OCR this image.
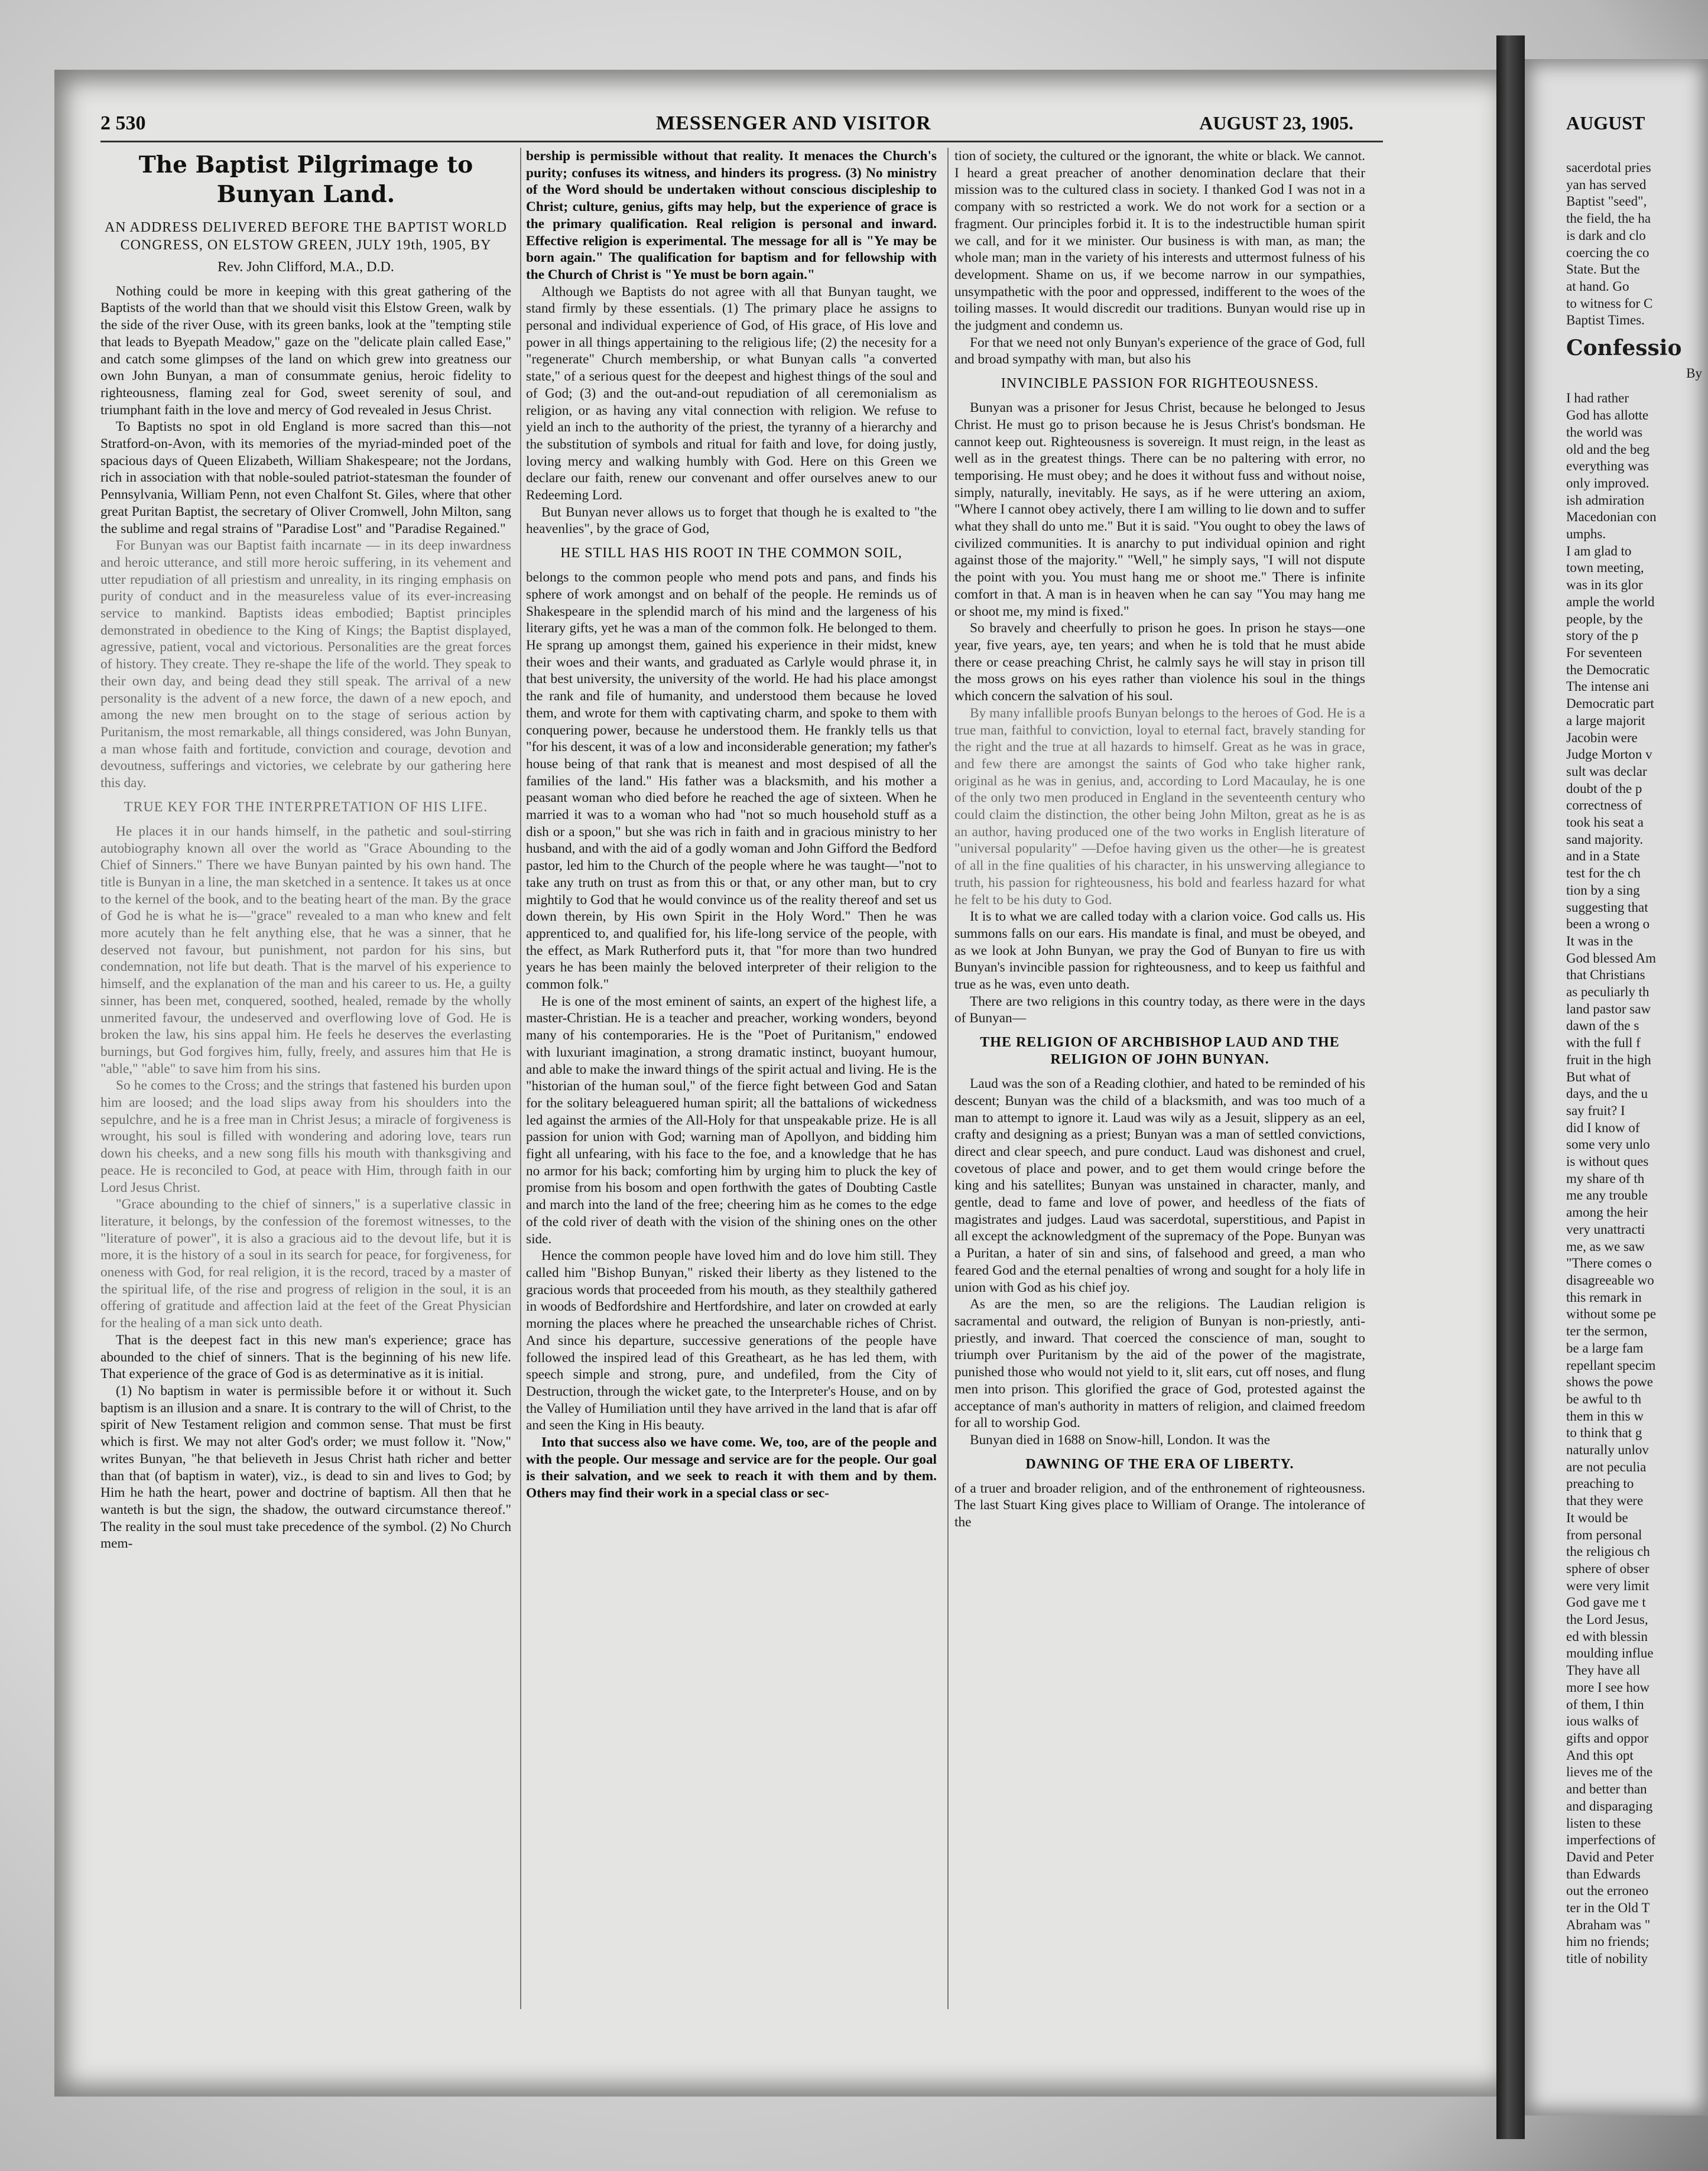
AUGUST
sacerdotal pries
yan has served
Baptist "seed",
the field, the ha
is dark and clo
coercing the co
State. But the
at hand. Go
to witness for C
Baptist Times.
Confessio
By
I had rather
God has allotte
the world was
old and the beg
everything was
only improved.
ish admiration
Macedonian con
umphs.
I am glad to
town meeting,
was in its glor
ample the world
people, by the
story of the p
For seventeen
the Democratic
The intense ani
Democratic part
a large majorit
Jacobin were
Judge Morton v
sult was declar
doubt of the p
correctness of
took his seat a
sand majority.
and in a State
test for the ch
tion by a sing
suggesting that
been a wrong o
It was in the
God blessed Am
that Christians
as peculiarly th
land pastor saw
dawn of the s
with the full f
fruit in the high
But what of
days, and the u
say fruit? I
did I know of
some very unlo
is without ques
my share of th
me any trouble
among the heir
very unattracti
me, as we saw
"There comes o
disagreeable wo
this remark in
without some pe
ter the sermon,
be a large fam
repellant specim
shows the powe
be awful to th
them in this w
to think that g
naturally unlov
are not peculia
preaching to
that they were
It would be
from personal
the religious ch
sphere of obser
were very limit
God gave me t
the Lord Jesus,
ed with blessin
moulding influe
They have all
more I see how
of them, I thin
ious walks of
gifts and oppor
And this opt
lieves me of the
and better than
and disparaging
listen to these
imperfections of
David and Peter
than Edwards
out the erroneo
ter in the Old T
Abraham was "
him no friends;
title of nobility
2 530	MESSENGER AND VISITOR	AUGUST 23, 1905.
The Baptist Pilgrimage to Bunyan Land.
AN ADDRESS DELIVERED BEFORE THE BAPTIST WORLD CONGRESS, ON ELSTOW GREEN, JULY 19th, 1905, BY
Rev. John Clifford, M.A., D.D.

Nothing could be more in keeping with this great gathering of the Baptists of the world than that we should visit this Elstow Green, walk by the side of the river Ouse, with its green banks, look at the "tempting stile that leads to Byepath Meadow," gaze on the "delicate plain called Ease," and catch some glimpses of the land on which grew into greatness our own John Bunyan, a man of consummate genius, heroic fidelity to righteousness, flaming zeal for God, sweet serenity of soul, and triumphant faith in the love and mercy of God revealed in Jesus Christ.

To Baptists no spot in old England is more sacred than this—not Stratford-on-Avon, with its memories of the myriad-minded poet of the spacious days of Queen Elizabeth, William Shakespeare; not the Jordans, rich in association with that noble-souled patriot-statesman the founder of Pennsylvania, William Penn, not even Chalfont St. Giles, where that other great Puritan Baptist, the secretary of Oliver Cromwell, John Milton, sang the sublime and regal strains of "Paradise Lost" and "Paradise Regained."

For Bunyan was our Baptist faith incarnate — in its deep inwardness and heroic utterance, and still more heroic suffering, in its vehement and utter repudiation of all priestism and unreality, in its ringing emphasis on purity of conduct and in the measureless value of its ever-increasing service to mankind. Baptists ideas embodied; Baptist principles demonstrated in obedience to the King of Kings; the Baptist displayed, agressive, patient, vocal and victorious. Personalities are the great forces of history. They create. They re-shape the life of the world. They speak to their own day, and being dead they still speak. The arrival of a new personality is the advent of a new force, the dawn of a new epoch, and among the new men brought on to the stage of serious action by Puritanism, the most remarkable, all things considered, was John Bunyan, a man whose faith and fortitude, conviction and courage, devotion and devoutness, sufferings and victories, we celebrate by our gathering here this day.

TRUE KEY FOR THE INTERPRETATION OF HIS LIFE.

He places it in our hands himself, in the pathetic and soul-stirring autobiography known all over the world as "Grace Abounding to the Chief of Sinners." There we have Bunyan painted by his own hand. The title is Bunyan in a line, the man sketched in a sentence. It takes us at once to the kernel of the book, and to the beating heart of the man. By the grace of God he is what he is—"grace" revealed to a man who knew and felt more acutely than he felt anything else, that he was a sinner, that he deserved not favour, but punishment, not pardon for his sins, but condemnation, not life but death. That is the marvel of his experience to himself, and the explanation of the man and his career to us. He, a guilty sinner, has been met, conquered, soothed, healed, remade by the wholly unmerited favour, the undeserved and overflowing love of God. He is broken the law, his sins appal him. He feels he deserves the everlasting burnings, but God forgives him, fully, freely, and assures him that He is "able," "able" to save him from his sins.

So he comes to the Cross; and the strings that fastened his burden upon him are loosed; and the load slips away from his shoulders into the sepulchre, and he is a free man in Christ Jesus; a miracle of forgiveness is wrought, his soul is filled with wondering and adoring love, tears run down his cheeks, and a new song fills his mouth with thanksgiving and peace. He is reconciled to God, at peace with Him, through faith in our Lord Jesus Christ.

"Grace abounding to the chief of sinners," is a superlative classic in literature, it belongs, by the confession of the foremost witnesses, to the "literature of power", it is also a gracious aid to the devout life, but it is more, it is the history of a soul in its search for peace, for forgiveness, for oneness with God, for real religion, it is the record, traced by a master of the spiritual life, of the rise and progress of religion in the soul, it is an offering of gratitude and affection laid at the feet of the Great Physician for the healing of a man sick unto death.

That is the deepest fact in this new man's experience; grace has abounded to the chief of sinners. That is the beginning of his new life. That experience of the grace of God is as determinative as it is initial.

(1) No baptism in water is permissible before it or without it. Such baptism is an illusion and a snare. It is contrary to the will of Christ, to the spirit of New Testament religion and common sense. That must be first which is first. We may not alter God's order; we must follow it. "Now," writes Bunyan, "he that believeth in Jesus Christ hath richer and better than that (of baptism in water), viz., is dead to sin and lives to God; by Him he hath the heart, power and doctrine of baptism. All then that he wanteth is but the sign, the shadow, the outward circumstance thereof." The reality in the soul must take precedence of the symbol. (2) No Church mem-

bership is permissible without that reality. It menaces the Church's purity; confuses its witness, and hinders its progress. (3) No ministry of the Word should be undertaken without conscious discipleship to Christ; culture, genius, gifts may help, but the experience of grace is the primary qualification. Real religion is personal and inward. Effective religion is experimental. The message for all is "Ye may be born again." The qualification for baptism and for fellowship with the Church of Christ is "Ye must be born again."

Although we Baptists do not agree with all that Bunyan taught, we stand firmly by these essentials. (1) The primary place he assigns to personal and individual experience of God, of His grace, of His love and power in all things appertaining to the religious life; (2) the necesity for a "regenerate" Church membership, or what Bunyan calls "a converted state," of a serious quest for the deepest and highest things of the soul and of God; (3) and the out-and-out repudiation of all ceremonialism as religion, or as having any vital connection with religion. We refuse to yield an inch to the authority of the priest, the tyranny of a hierarchy and the substitution of symbols and ritual for faith and love, for doing justly, loving mercy and walking humbly with God. Here on this Green we declare our faith, renew our convenant and offer ourselves anew to our Redeeming Lord.

But Bunyan never allows us to forget that though he is exalted to "the heavenlies", by the grace of God,

HE STILL HAS HIS ROOT IN THE COMMON SOIL,

belongs to the common people who mend pots and pans, and finds his sphere of work amongst and on behalf of the people. He reminds us of Shakespeare in the splendid march of his mind and the largeness of his literary gifts, yet he was a man of the common folk. He belonged to them. He sprang up amongst them, gained his experience in their midst, knew their woes and their wants, and graduated as Carlyle would phrase it, in that best university, the university of the world. He had his place amongst the rank and file of humanity, and understood them because he loved them, and wrote for them with captivating charm, and spoke to them with conquering power, because he understood them. He frankly tells us that "for his descent, it was of a low and inconsiderable generation; my father's house being of that rank that is meanest and most despised of all the families of the land." His father was a blacksmith, and his mother a peasant woman who died before he reached the age of sixteen. When he married it was to a woman who had "not so much household stuff as a dish or a spoon," but she was rich in faith and in gracious ministry to her husband, and with the aid of a godly woman and John Gifford the Bedford pastor, led him to the Church of the people where he was taught—"not to take any truth on trust as from this or that, or any other man, but to cry mightily to God that he would convince us of the reality thereof and set us down therein, by His own Spirit in the Holy Word." Then he was apprenticed to, and qualified for, his life-long service of the people, with the effect, as Mark Rutherford puts it, that "for more than two hundred years he has been mainly the beloved interpreter of their religion to the common folk."

He is one of the most eminent of saints, an expert of the highest life, a master-Christian. He is a teacher and preacher, working wonders, beyond many of his contemporaries. He is the "Poet of Puritanism," endowed with luxuriant imagination, a strong dramatic instinct, buoyant humour, and able to make the inward things of the spirit actual and living. He is the "historian of the human soul," of the fierce fight between God and Satan for the solitary beleaguered human spirit; all the battalions of wickedness led against the armies of the All-Holy for that unspeakable prize. He is all passion for union with God; warning man of Apollyon, and bidding him fight all unfearing, with his face to the foe, and a knowledge that he has no armor for his back; comforting him by urging him to pluck the key of promise from his bosom and open forthwith the gates of Doubting Castle and march into the land of the free; cheering him as he comes to the edge of the cold river of death with the vision of the shining ones on the other side.

Hence the common people have loved him and do love him still. They called him "Bishop Bunyan," risked their liberty as they listened to the gracious words that proceeded from his mouth, as they stealthily gathered in woods of Bedfordshire and Hertfordshire, and later on crowded at early morning the places where he preached the unsearchable riches of Christ. And since his departure, successive generations of the people have followed the inspired lead of this Greatheart, as he has led them, with speech simple and strong, pure, and undefiled, from the City of Destruction, through the wicket gate, to the Interpreter's House, and on by the Valley of Humiliation until they have arrived in the land that is afar off and seen the King in His beauty.

Into that success also we have come. We, too, are of the people and with the people. Our message and service are for the people. Our goal is their salvation, and we seek to reach it with them and by them. Others may find their work in a special class or sec-

tion of society, the cultured or the ignorant, the white or black. We cannot. I heard a great preacher of another denomination declare that their mission was to the cultured class in society. I thanked God I was not in a company with so restricted a work. We do not work for a section or a fragment. Our principles forbid it. It is to the indestructible human spirit we call, and for it we minister. Our business is with man, as man; the whole man; man in the variety of his interests and uttermost fulness of his development. Shame on us, if we become narrow in our sympathies, unsympathetic with the poor and oppressed, indifferent to the woes of the toiling masses. It would discredit our traditions. Bunyan would rise up in the judgment and condemn us.

For that we need not only Bunyan's experience of the grace of God, full and broad sympathy with man, but also his

INVINCIBLE PASSION FOR RIGHTEOUSNESS.

Bunyan was a prisoner for Jesus Christ, because he belonged to Jesus Christ. He must go to prison because he is Jesus Christ's bondsman. He cannot keep out. Righteousness is sovereign. It must reign, in the least as well as in the greatest things. There can be no paltering with error, no temporising. He must obey; and he does it without fuss and without noise, simply, naturally, inevitably. He says, as if he were uttering an axiom, "Where I cannot obey actively, there I am willing to lie down and to suffer what they shall do unto me." But it is said. "You ought to obey the laws of civilized communities. It is anarchy to put individual opinion and right against those of the majority." "Well," he simply says, "I will not dispute the point with you. You must hang me or shoot me." There is infinite comfort in that. A man is in heaven when he can say "You may hang me or shoot me, my mind is fixed."

So bravely and cheerfully to prison he goes. In prison he stays—one year, five years, aye, ten years; and when he is told that he must abide there or cease preaching Christ, he calmly says he will stay in prison till the moss grows on his eyes rather than violence his soul in the things which concern the salvation of his soul.

By many infallible proofs Bunyan belongs to the heroes of God. He is a true man, faithful to conviction, loyal to eternal fact, bravely standing for the right and the true at all hazards to himself. Great as he was in grace, and few there are amongst the saints of God who take higher rank, original as he was in genius, and, according to Lord Macaulay, he is one of the only two men produced in England in the seventeenth century who could claim the distinction, the other being John Milton, great as he is as an author, having produced one of the two works in English literature of "universal popularity" —Defoe having given us the other—he is greatest of all in the fine qualities of his character, in his unswerving allegiance to truth, his passion for righteousness, his bold and fearless hazard for what he felt to be his duty to God.

It is to what we are called today with a clarion voice. God calls us. His summons falls on our ears. His mandate is final, and must be obeyed, and as we look at John Bunyan, we pray the God of Bunyan to fire us with Bunyan's invincible passion for righteousness, and to keep us faithful and true as he was, even unto death.

There are two religions in this country today, as there were in the days of Bunyan—

THE RELIGION OF ARCHBISHOP LAUD AND THE RELIGION OF JOHN BUNYAN.

Laud was the son of a Reading clothier, and hated to be reminded of his descent; Bunyan was the child of a blacksmith, and was too much of a man to attempt to ignore it. Laud was wily as a Jesuit, slippery as an eel, crafty and designing as a priest; Bunyan was a man of settled convictions, direct and clear speech, and pure conduct. Laud was dishonest and cruel, covetous of place and power, and to get them would cringe before the king and his satellites; Bunyan was unstained in character, manly, and gentle, dead to fame and love of power, and heedless of the fiats of magistrates and judges. Laud was sacerdotal, superstitious, and Papist in all except the acknowledgment of the supremacy of the Pope. Bunyan was a Puritan, a hater of sin and sins, of falsehood and greed, a man who feared God and the eternal penalties of wrong and sought for a holy life in union with God as his chief joy.

As are the men, so are the religions. The Laudian religion is sacramental and outward, the religion of Bunyan is non-priestly, anti-priestly, and inward. That coerced the conscience of man, sought to triumph over Puritanism by the aid of the power of the magistrate, punished those who would not yield to it, slit ears, cut off noses, and flung men into prison. This glorified the grace of God, protested against the acceptance of man's authority in matters of religion, and claimed freedom for all to worship God.

Bunyan died in 1688 on Snow-hill, London. It was the

DAWNING OF THE ERA OF LIBERTY.

of a truer and broader religion, and of the enthronement of righteousness. The last Stuart King gives place to William of Orange. The intolerance of the
